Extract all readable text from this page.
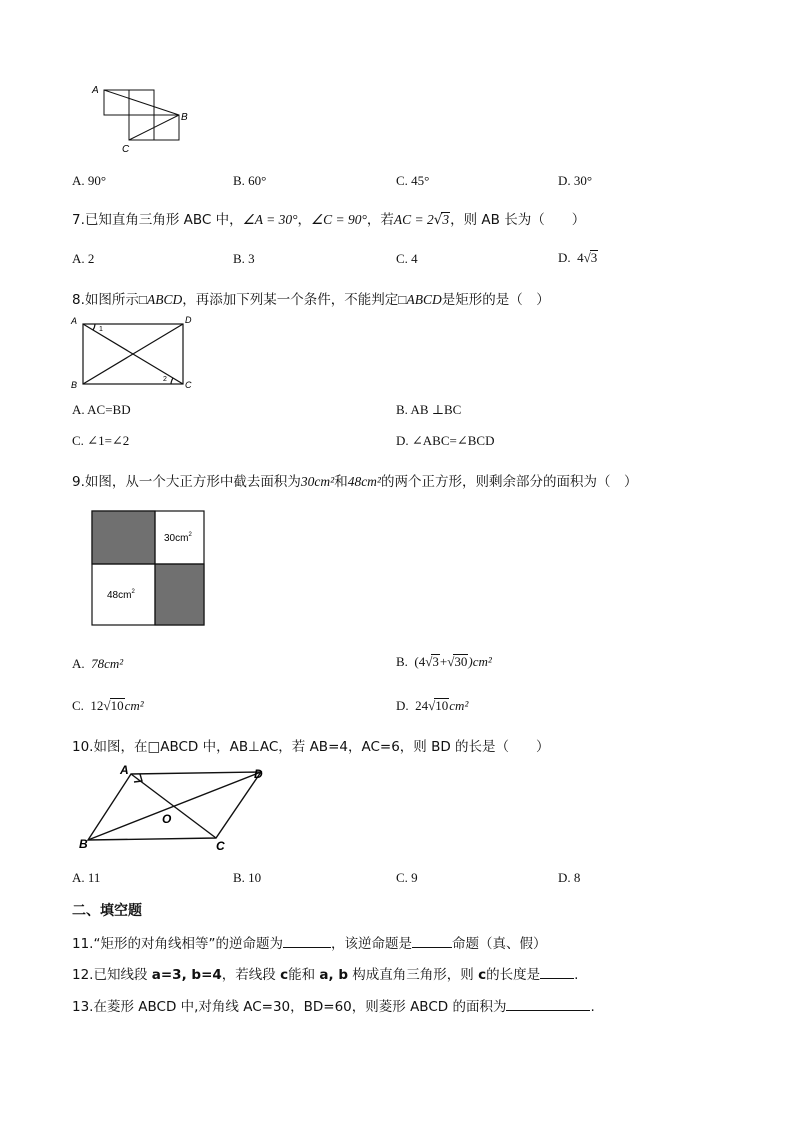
A
B
C
A. 90°	B. 60°	C. 45°	D. 30°
7.已知直角三角形 ABC 中，∠A = 30°，∠C = 90°，若AC = 2√3，则 AB 长为（　　）
A. 2	B. 3	C. 4	D. 4√3
8.如图所示□ABCD，再添加下列某一个条件，不能判定□ABCD是矩形的是（　）
A	D
B	C
1
2
A. AC=BD	B. AB ⊥BC
C. ∠1=∠2	D. ∠ABC=∠BCD
9.如图，从一个大正方形中截去面积为30cm²和48cm²的两个正方形，则剩余部分的面积为（　）
$30cm^2$
$48cm^2$
A. 78cm²	B. (4√3+√30)cm²
C. 12√10cm²	D. 24√10cm²
10.如图，在□ABCD 中，AB⊥AC，若 AB=4，AC=6，则 BD 的长是（　　）
A	D
B	C
O
A. 11	B. 10	C. 9	D. 8
二、填空题
11.“矩形的对角线相等”的逆命题为	，该逆命题是	命题（真、假）
12.已知线段 a=3, b=4，若线段 c能和 a, b 构成直角三角形，则 c的长度是	.
13.在菱形 ABCD 中,对角线 AC=30，BD=60，则菱形 ABCD 的面积为	.
